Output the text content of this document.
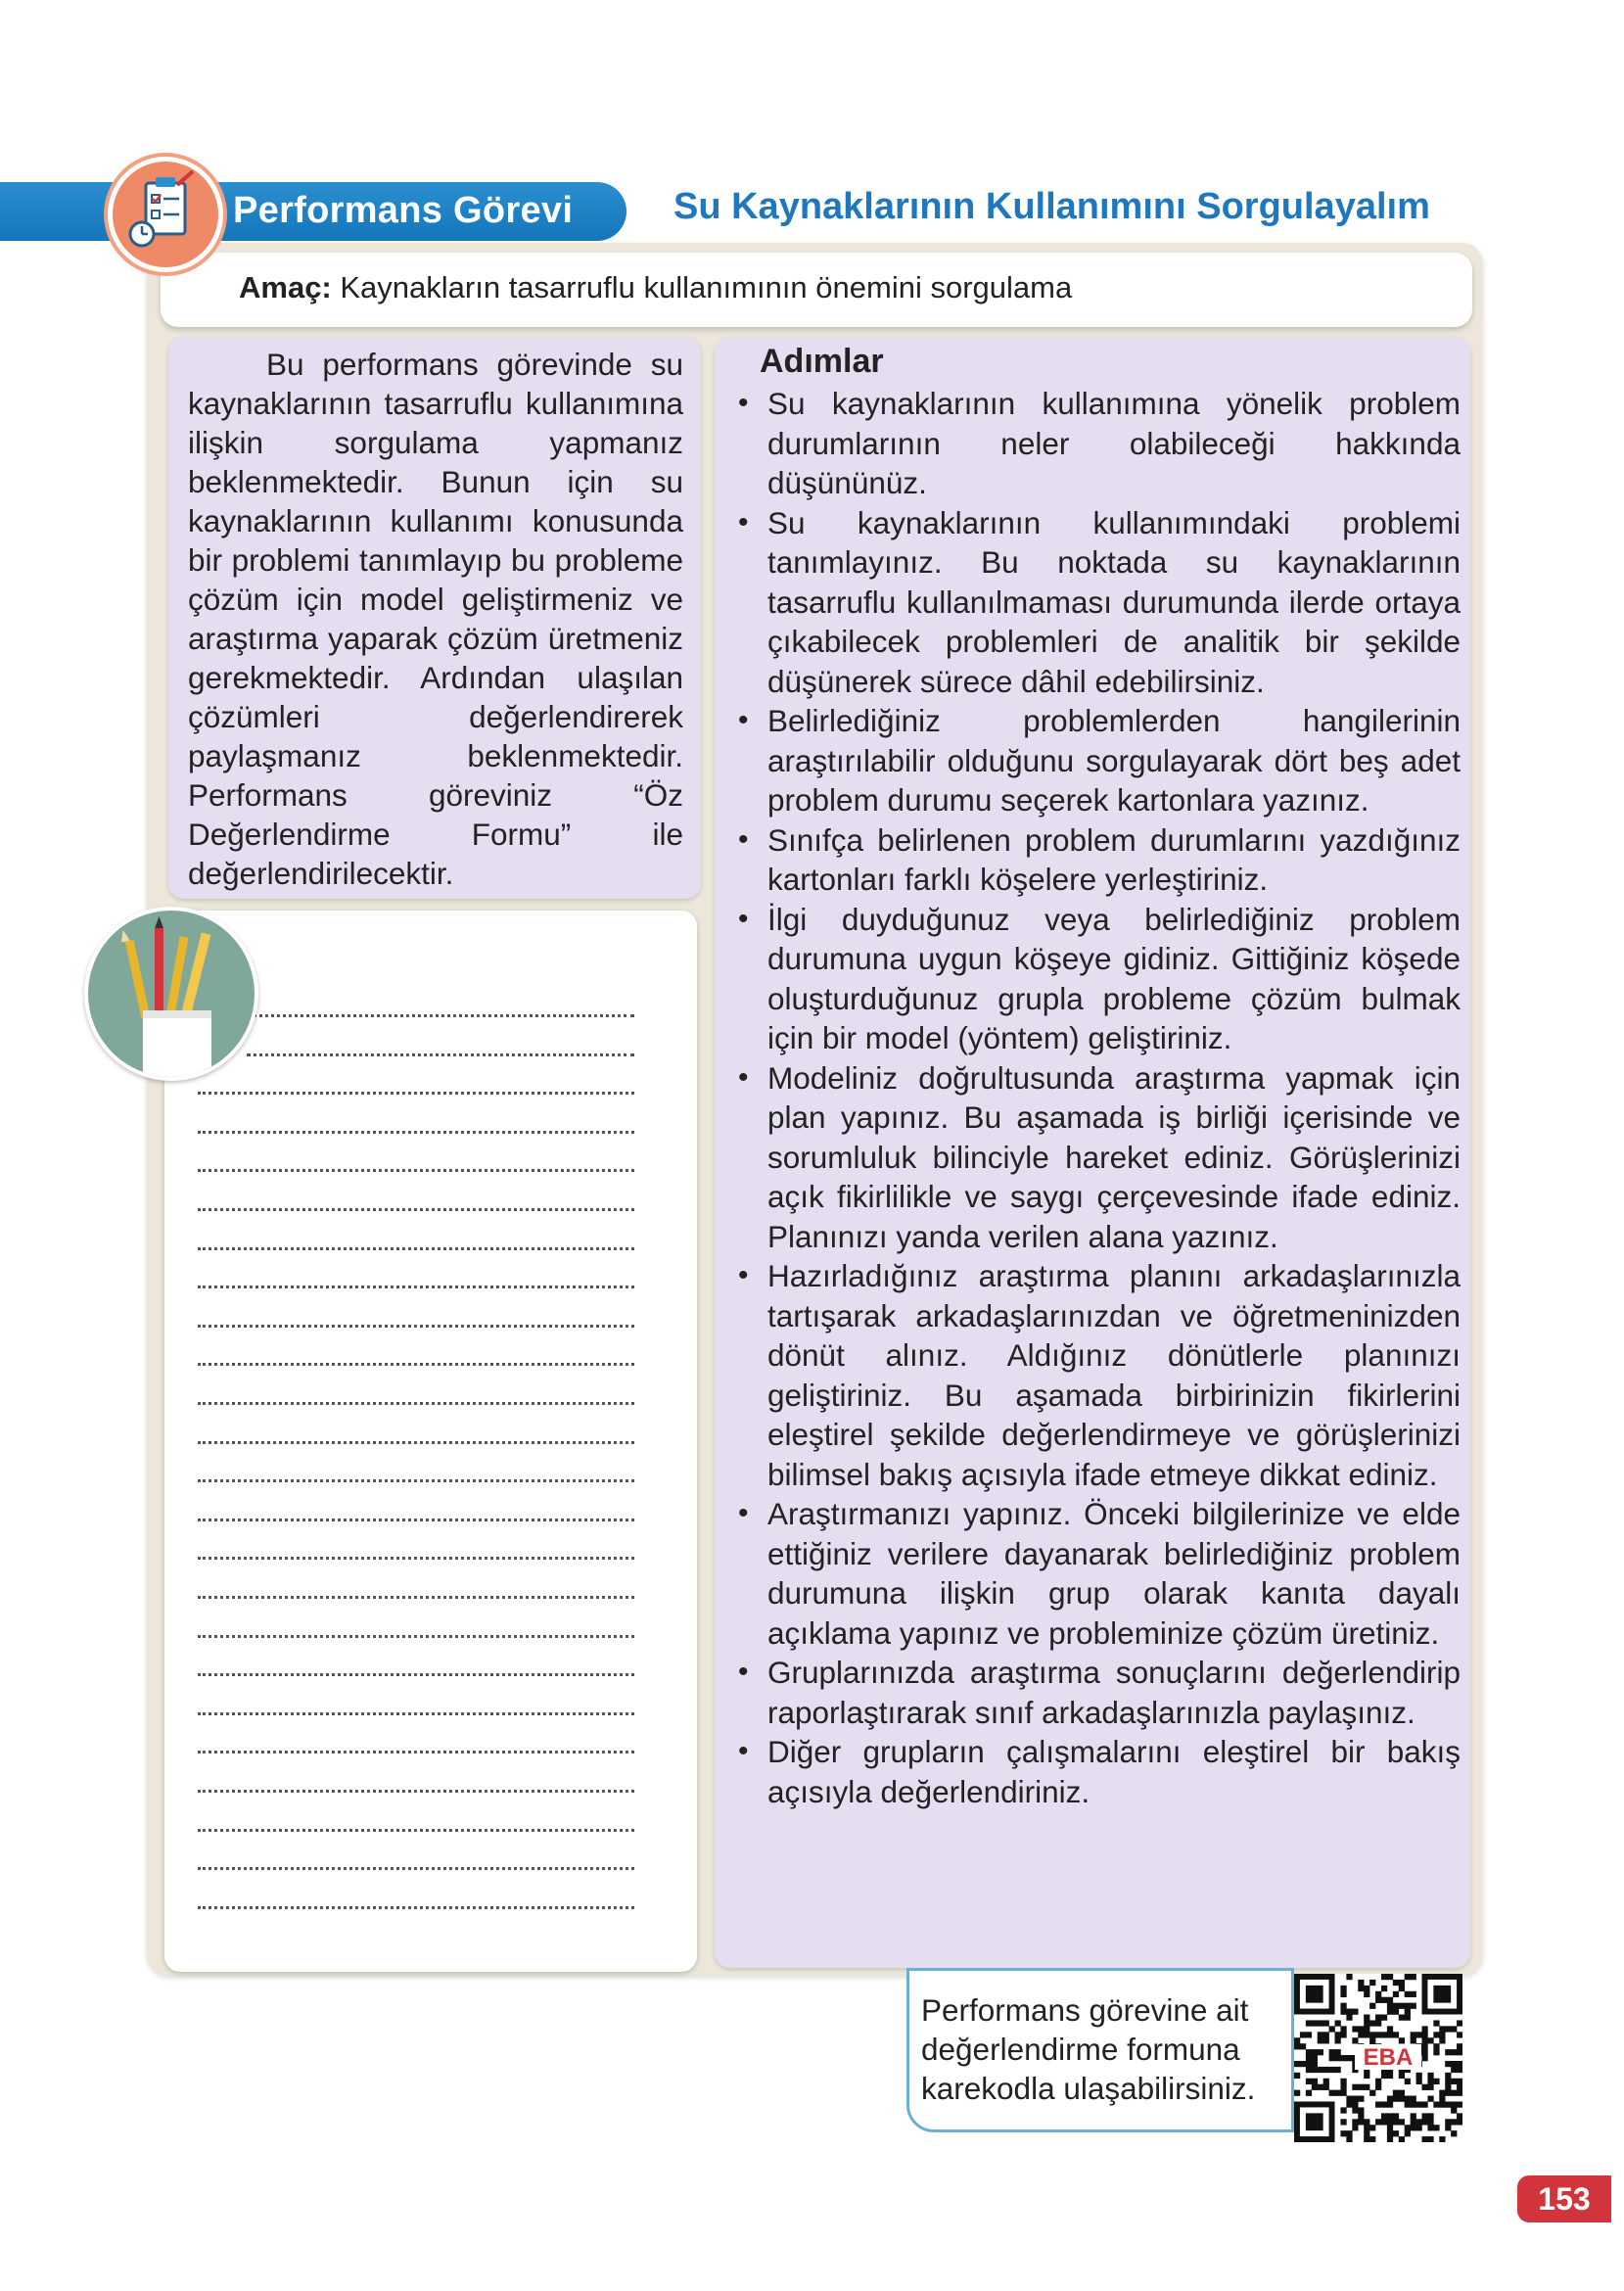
Performans Görevi	Su Kaynaklarının Kullanımını Sorgulayalım
Amaç: Kaynakların tasarruflu kullanımının önemini sorgulama

Bu performans görevinde su kaynaklarının tasarruflu kullanımına ilişkin sorgulama yapmanız beklenmektedir. Bunun için su kaynaklarının kullanımı konusunda bir problemi tanımlayıp bu probleme çözüm için model geliştirmeniz ve araştırma yaparak çözüm üretmeniz gerekmektedir. Ardından ulaşılan çözümleri değerlendirerek paylaşmanız beklenmektedir. Performans göreviniz “Öz Değerlendirme Formu” ile değerlendirilecektir.

Adımlar
• Su kaynaklarının kullanımına yönelik problem durumlarının neler olabileceği hakkında düşününüz.
• Su kaynaklarının kullanımındaki problemi tanımlayınız. Bu noktada su kaynaklarının tasarruflu kullanılmaması durumunda ilerde ortaya çıkabilecek problemleri de analitik bir şekilde düşünerek sürece dâhil edebilirsiniz.
• Belirlediğiniz problemlerden hangilerinin araştırılabilir olduğunu sorgulayarak dört beş adet problem durumu seçerek kartonlara yazınız.
• Sınıfça belirlenen problem durumlarını yazdığınız kartonları farklı köşelere yerleştiriniz.
• İlgi duyduğunuz veya belirlediğiniz problem durumuna uygun köşeye gidiniz. Gittiğiniz köşede oluşturduğunuz grupla probleme çözüm bulmak için bir model (yöntem) geliştiriniz.
• Modeliniz doğrultusunda araştırma yapmak için plan yapınız. Bu aşamada iş birliği içerisinde ve sorumluluk bilinciyle hareket ediniz. Görüşlerinizi açık fikirlilikle ve saygı çerçevesinde ifade ediniz. Planınızı yanda verilen alana yazınız.
• Hazırladığınız araştırma planını arkadaşlarınızla tartışarak arkadaşlarınızdan ve öğretmeninizden dönüt alınız. Aldığınız dönütlerle planınızı geliştiriniz. Bu aşamada birbirinizin fikirlerini eleştirel şekilde değerlendirmeye ve görüşlerinizi bilimsel bakış açısıyla ifade etmeye dikkat ediniz.
• Araştırmanızı yapınız. Önceki bilgilerinize ve elde ettiğiniz verilere dayanarak belirlediğiniz problem durumuna ilişkin grup olarak kanıta dayalı açıklama yapınız ve probleminize çözüm üretiniz.
• Gruplarınızda araştırma sonuçlarını değerlendirip raporlaştırarak sınıf arkadaşlarınızla paylaşınız.
• Diğer grupların çalışmalarını eleştirel bir bakış açısıyla değerlendiriniz.
Performans görevine ait değerlendirme formuna karekodla ulaşabilirsiniz.
EBA
153
